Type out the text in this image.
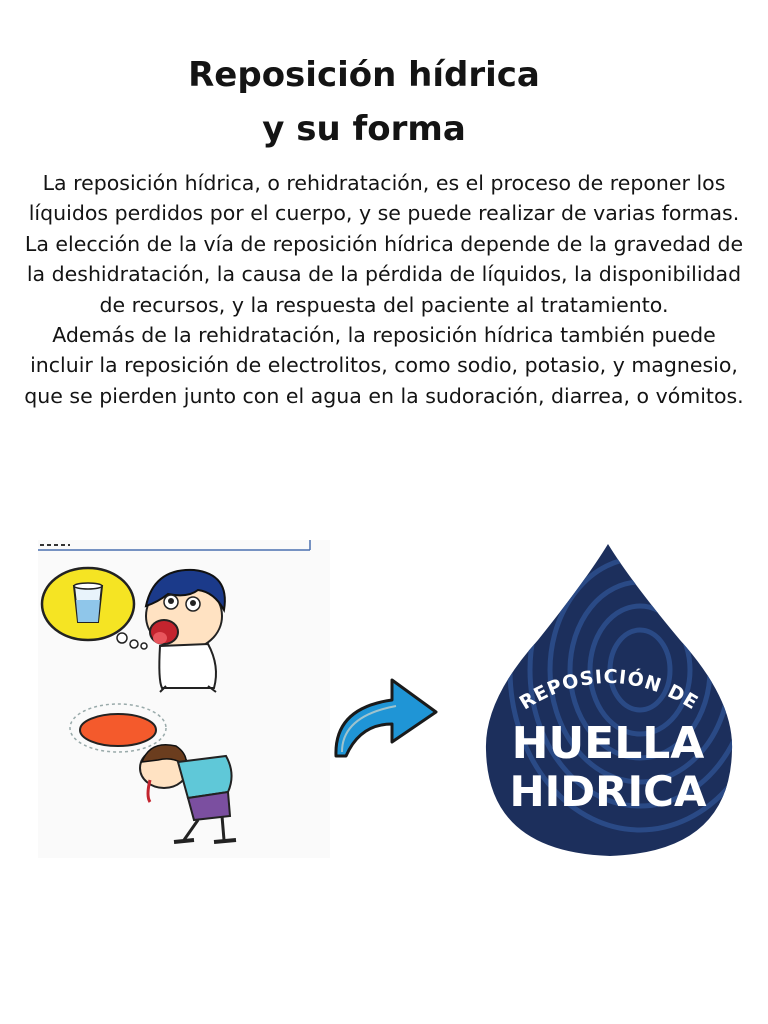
Reposición hídrica
y su forma

La reposición hídrica, o rehidratación, es el proceso de reponer los líquidos perdidos por el cuerpo, y se puede realizar de varias formas.

La elección de la vía de reposición hídrica depende de la gravedad de la deshidratación, la causa de la pérdida de líquidos, la disponibilidad de recursos, y la respuesta del paciente al tratamiento.

Además de la rehidratación, la reposición hídrica también puede incluir la reposición de electrolitos, como sodio, potasio, y magnesio, que se pierden junto con el agua en la sudoración, diarrea, o vómitos.

REPOSICIÓN DE
HUELLA
HIDRICA
